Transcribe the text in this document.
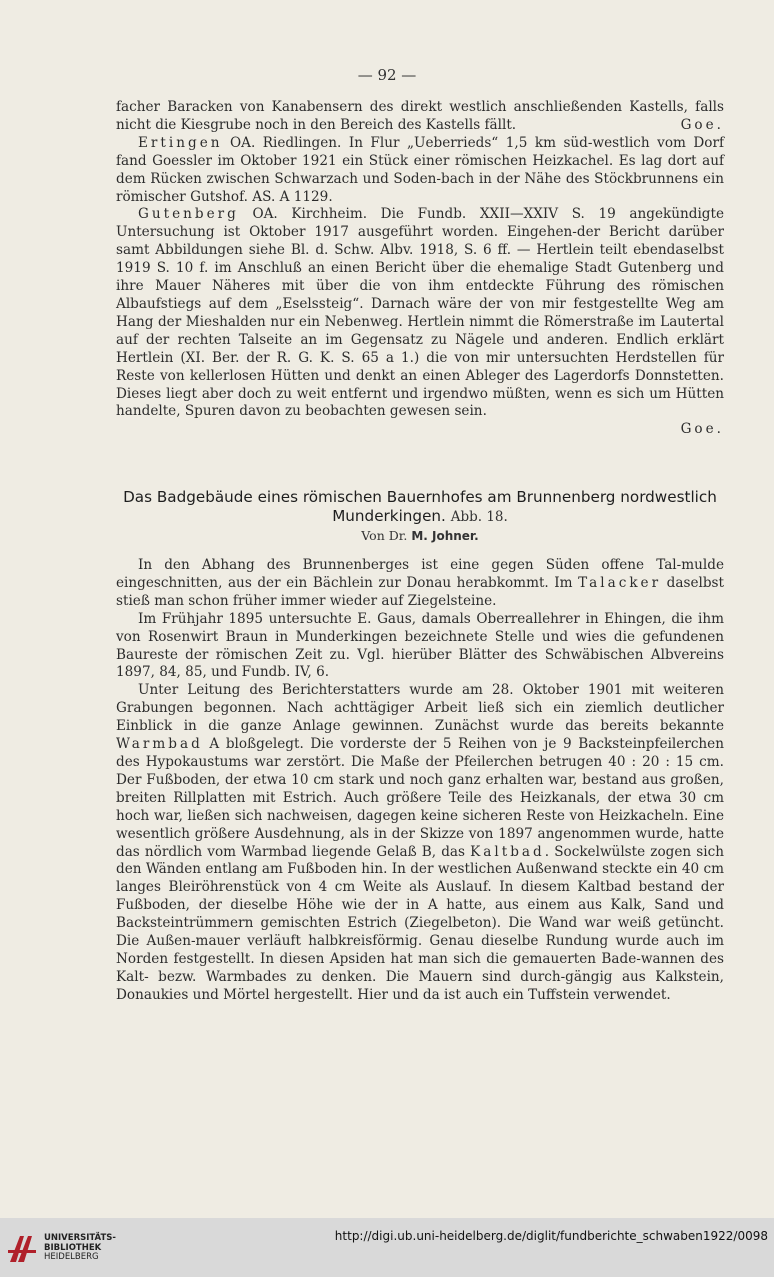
— 92 —

facher Baracken von Kanabensern des direkt westlich anschließenden Kastells, falls nicht die Kiesgrube noch in den Bereich des Kastells fällt.	Goe.

Ertingen OA. Riedlingen. In Flur „Ueberrieds“ 1,5 km süd-westlich vom Dorf fand Goessler im Oktober 1921 ein Stück einer römischen Heizkachel. Es lag dort auf dem Rücken zwischen Schwarzach und Soden-bach in der Nähe des Stöckbrunnens ein römischer Gutshof. AS. A 1129.

Gutenberg OA. Kirchheim. Die Fundb. XXII—XXIV S. 19 angekündigte Untersuchung ist Oktober 1917 ausgeführt worden. Eingehen-der Bericht darüber samt Abbildungen siehe Bl. d. Schw. Albv. 1918, S. 6 ff. — Hertlein teilt ebendaselbst 1919 S. 10 f. im Anschluß an einen Bericht über die ehemalige Stadt Gutenberg und ihre Mauer Näheres mit über die von ihm entdeckte Führung des römischen Albaufstiegs auf dem „Eselssteig“. Darnach wäre der von mir festgestellte Weg am Hang der Mieshalden nur ein Nebenweg. Hertlein nimmt die Römerstraße im Lautertal auf der rechten Talseite an im Gegensatz zu Nägele und anderen. Endlich erklärt Hertlein (XI. Ber. der R. G. K. S. 65 a 1.) die von mir untersuchten Herdstellen für Reste von kellerlosen Hütten und denkt an einen Ableger des Lagerdorfs Donnstetten. Dieses liegt aber doch zu weit entfernt und irgendwo müßten, wenn es sich um Hütten handelte, Spuren davon zu beobachten gewesen sein.

Goe.
Das Badgebäude eines römischen Bauernhofes am Brunnenberg nordwestlich Munderkingen. Abb. 18.
Von Dr. M. Johner.

In den Abhang des Brunnenberges ist eine gegen Süden offene Tal-mulde eingeschnitten, aus der ein Bächlein zur Donau herabkommt. Im Talacker daselbst stieß man schon früher immer wieder auf Ziegelsteine.

Im Frühjahr 1895 untersuchte E. Gaus, damals Oberreallehrer in Ehingen, die ihm von Rosenwirt Braun in Munderkingen bezeichnete Stelle und wies die gefundenen Baureste der römischen Zeit zu. Vgl. hierüber Blätter des Schwäbischen Albvereins 1897, 84, 85, und Fundb. IV, 6.

Unter Leitung des Berichterstatters wurde am 28. Oktober 1901 mit weiteren Grabungen begonnen. Nach achttägiger Arbeit ließ sich ein ziemlich deutlicher Einblick in die ganze Anlage gewinnen. Zunächst wurde das bereits bekannte Warmbad A bloßgelegt. Die vorderste der 5 Reihen von je 9 Backsteinpfeilerchen des Hypokaustums war zerstört. Die Maße der Pfeilerchen betrugen 40 : 20 : 15 cm. Der Fußboden, der etwa 10 cm stark und noch ganz erhalten war, bestand aus großen, breiten Rillplatten mit Estrich. Auch größere Teile des Heizkanals, der etwa 30 cm hoch war, ließen sich nachweisen, dagegen keine sicheren Reste von Heizkacheln. Eine wesentlich größere Ausdehnung, als in der Skizze von 1897 angenommen wurde, hatte das nördlich vom Warmbad liegende Gelaß B, das Kaltbad. Sockelwülste zogen sich den Wänden entlang am Fußboden hin. In der westlichen Außenwand steckte ein 40 cm langes Bleiröhrenstück von 4 cm Weite als Auslauf. In diesem Kaltbad bestand der Fußboden, der dieselbe Höhe wie der in A hatte, aus einem aus Kalk, Sand und Backsteintrümmern gemischten Estrich (Ziegelbeton). Die Wand war weiß getüncht. Die Außen-mauer verläuft halbkreisförmig. Genau dieselbe Rundung wurde auch im Norden festgestellt. In diesen Apsiden hat man sich die gemauerten Bade-wannen des Kalt- bezw. Warmbades zu denken. Die Mauern sind durch-gängig aus Kalkstein, Donaukies und Mörtel hergestellt. Hier und da ist auch ein Tuffstein verwendet.

UNIVERSITÄTS-
BIBLIOTHEK
HEIDELBERG
http://digi.ub.uni-heidelberg.de/diglit/fundberichte_schwaben1922/0098
